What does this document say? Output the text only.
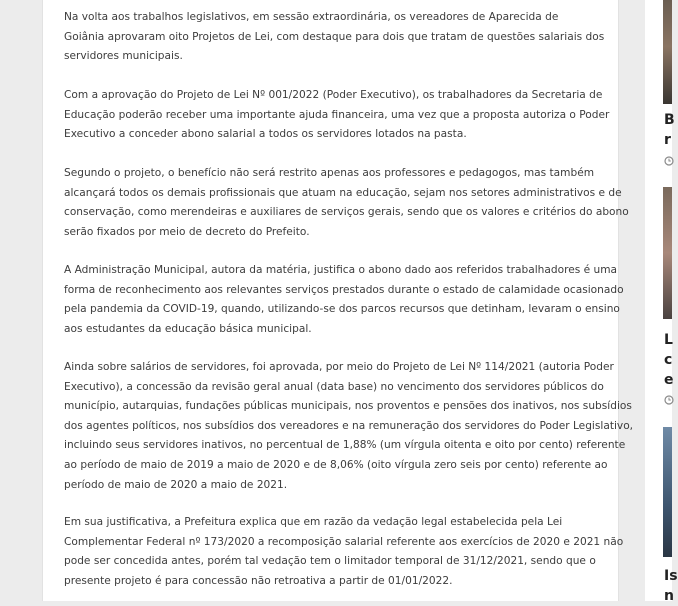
Na volta aos trabalhos legislativos, em sessão extraordinária, os vereadores de Aparecida de
Goiânia aprovaram oito Projetos de Lei, com destaque para dois que tratam de questões salariais dos
servidores municipais.

Com a aprovação do Projeto de Lei Nº 001/2022 (Poder Executivo), os trabalhadores da Secretaria de
Educação poderão receber uma importante ajuda financeira, uma vez que a proposta autoriza o Poder
Executivo a conceder abono salarial a todos os servidores lotados na pasta.

Segundo o projeto, o benefício não será restrito apenas aos professores e pedagogos, mas também
alcançará todos os demais profissionais que atuam na educação, sejam nos setores administrativos e de
conservação, como merendeiras e auxiliares de serviços gerais, sendo que os valores e critérios do abono
serão fixados por meio de decreto do Prefeito.

A Administração Municipal, autora da matéria, justifica o abono dado aos referidos trabalhadores é uma
forma de reconhecimento aos relevantes serviços prestados durante o estado de calamidade ocasionado
pela pandemia da COVID-19, quando, utilizando-se dos parcos recursos que detinham, levaram o ensino
aos estudantes da educação básica municipal.

Ainda sobre salários de servidores, foi aprovada, por meio do Projeto de Lei Nº 114/2021 (autoria Poder
Executivo), a concessão da revisão geral anual (data base) no vencimento dos servidores públicos do
município, autarquias, fundações públicas municipais, nos proventos e pensões dos inativos, nos subsídios
dos agentes políticos, nos subsídios dos vereadores e na remuneração dos servidores do Poder Legislativo,
incluindo seus servidores inativos, no percentual de 1,88% (um vírgula oitenta e oito por cento) referente
ao período de maio de 2019 a maio de 2020 e de 8,06% (oito vírgula zero seis por cento) referente ao
período de maio de 2020 a maio de 2021.

Em sua justificativa, a Prefeitura explica que em razão da vedação legal estabelecida pela Lei
Complementar Federal nº 173/2020 a recomposição salarial referente aos exercícios de 2020 e 2021 não
pode ser concedida antes, porém tal vedação tem o limitador temporal de 31/12/2021, sendo que o
presente projeto é para concessão não retroativa a partir de 01/01/2022.

B
r

L
c
e

Is
n
